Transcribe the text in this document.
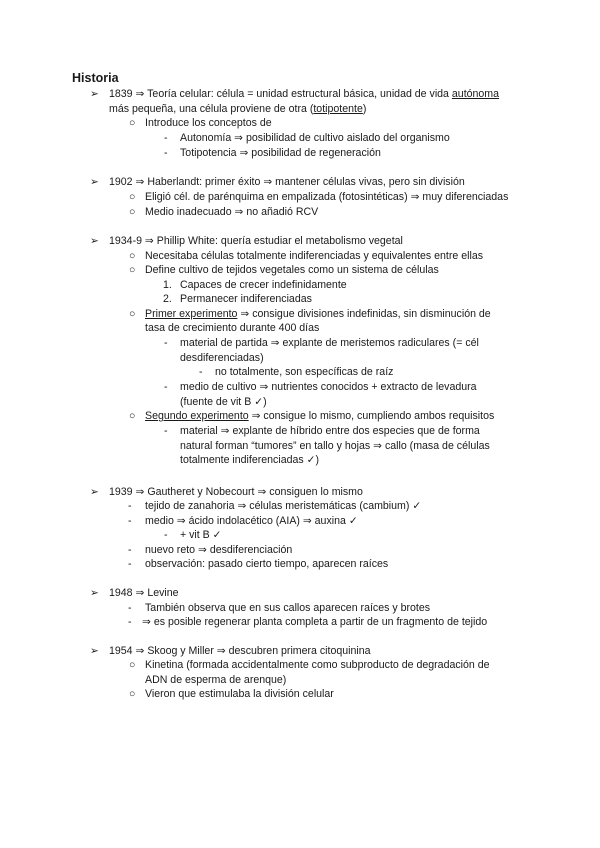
Historia
➢ 1839 ⇒ Teoría celular: célula = unidad estructural básica, unidad de vida autónoma
más pequeña, una célula proviene de otra (totipotente)
○ Introduce los conceptos de
- Autonomía ⇒ posibilidad de cultivo aislado del organismo
- Totipotencia ⇒ posibilidad de regeneración
➢ 1902 ⇒ Haberlandt: primer éxito ⇒ mantener células vivas, pero sin división
○ Eligió cél. de parénquima en empalizada (fotosintéticas) ⇒ muy diferenciadas
○ Medio inadecuado ⇒ no añadió RCV
➢ 1934-9 ⇒ Phillip White: quería estudiar el metabolismo vegetal
○ Necesitaba células totalmente indiferenciadas y equivalentes entre ellas
○ Define cultivo de tejidos vegetales como un sistema de células
1. Capaces de crecer indefinidamente
2. Permanecer indiferenciadas
○ Primer experimento ⇒ consigue divisiones indefinidas, sin disminución de
tasa de crecimiento durante 400 días
- material de partida ⇒ explante de meristemos radiculares (= cél
desdiferenciadas)
- no totalmente, son específicas de raíz
- medio de cultivo ⇒ nutrientes conocidos + extracto de levadura
(fuente de vit B ✓)
○ Segundo experimento ⇒ consigue lo mismo, cumpliendo ambos requisitos
- material ⇒ explante de híbrido entre dos especies que de forma
natural forman “tumores” en tallo y hojas ⇒ callo (masa de células
totalmente indiferenciadas ✓)
➢ 1939 ⇒ Gautheret y Nobecourt ⇒ consiguen lo mismo
- tejido de zanahoria ⇒ células meristemáticas (cambium) ✓
- medio ⇒ ácido indolacético (AIA) ⇒ auxina ✓
- + vit B ✓
- nuevo reto ⇒ desdiferenciación
- observación: pasado cierto tiempo, aparecen raíces
➢ 1948 ⇒ Levine
- También observa que en sus callos aparecen raíces y brotes
- ⇒ es posible regenerar planta completa a partir de un fragmento de tejido
➢ 1954 ⇒ Skoog y Miller ⇒ descubren primera citoquinina
○ Kinetina (formada accidentalmente como subproducto de degradación de
ADN de esperma de arenque)
○ Vieron que estimulaba la división celular
